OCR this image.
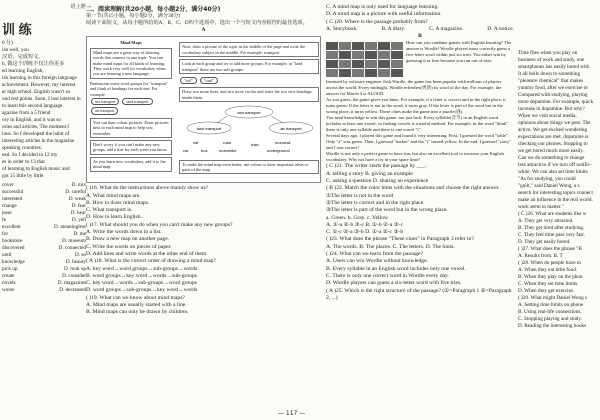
语上册
训 练
0 分)
ish well, you
汉语，完成短文。
h, 做这个训练不仅让你更多
ed learning English,
ish learning in this foreign language
achievement. However, my interest
er high school. English wasn't so
ood test points. Soon, I lost interest in
to learn this second language.
agazine from a 5 friend
ory in English, and it was so
ories and articles. The moment I
ious. So I developed the habit of
interesting articles in the magazine
speaking countries.
ead. So I decided to 12 my
es in order to 13 that
of learning to English music and
got 15 little by little.
cover	D. mix
successful	D. careful
interested	D. weak
change	D. fear
pose	D. hear
fe	D. yell
excellent	D. meaningless
for	D. me
bookstore	D. museum
discovered	D. connected
until	D. so
knowledge	D. beauty
pick up	D. look up
create	D. consider
novels	D. magazines
worse	D. decreased
二、阅读理解(共20小题，每小题2分，满分40分)
第一节(共15小题，每小题2分，满分30分)
阅读下面短文，从每小题所给的A、B、C、D四个选项中，选出一个与短文内容相符的最佳选项。
A
Mind Maps
Mind maps are a great way of drawing words that connect to one topic. You can make mind maps for all kinds of learning. They work very well for vocabulary when you are learning a new language.
Brainstorm some word groups for "transport" and think of headings for each one. For example:
sea transport	land transport air transport
You can then colour pictures. Draw pictures next to each mind map to help you remember.
Don't worry if you can't make any new groups, add a line for each word you know.
As you learn new vocabulary, add it to the mind map.
Next, draw a picture of the topic in the middle of the page and write the vocabulary subject in the middle. For example: transport
Look at each group and try to add more groups. For example, in "land transport" there are two sub-groups:
"rail"	"road"
Draw two more lines, and two more circles and write the two new headings inside them.
sea transport
land transport	air transport
rail	road
car	bus	motorbike
train
underground
monorail
To make the mind map even better, use colour to show important ideas or parts of the map.
( )16. What do the instructions above mainly show us?
A. What mind maps are.
B. How to draw mind maps.
C. What transport is.
D. How to learn English.
( )17. What should you do when you can't make any new groups?
A. Write the words down in a list.
B. Draw a new map on another page.
C. Write the words on pieces of paper.
D. Add lines and write words at the other end of them.
( A )18. What is the correct order of drawing a mind map?
A. key word→word groups→sub-groups→words
B. word groups→key word→words→sub-groups
C. key word→words→sub-groups→word groups
D. word groups→sub-groups→key word→words
( )19. What can we know about mind maps?
A. Mind maps are usually started with a line.
B. Mind maps can only be drawn by children.
C. A mind map is only used for language learning.
D. A mind map is a picture with useful information.
( C )20. Where is the passage probably from?
A. Storybook.	B. A diary.	C. A magazine.	D. A notice.
B
How can you combine games with English learning? The answer is Wordle! Wordle players must correctly guess a five-letter word within just six tries. You either win by guessing it or lose because you run out of tries.
Invented by software engineer Josh Wardle, the game has been popular with millions of players across the world. Every midnight, Wordle refreshes(更新) its word of the day. For example, the answer for March 3 is ALOUD.
As you guess, the game gives you hints. For example, if a letter is correct and in the right place, it turns green. If the letter is not in the word, it turns gray. If the letter is part of the word but in the wrong place, it turns yellow. These clues make the game into a puzzle(谜).
You need knowledge to win this game, not just luck. Every syllable(音节) in an English word includes at least one vowel, so finding vowels is a useful method. For example, in the word "think", there is only one syllable and there is one vowel "i".
Several days ago, I played this game and found it very interesting. First, I guessed the word "table". Only "a" was green. Then, I guessed "maker" and the "r" turned yellow. In the end, I guessed "carry" and I was correct!
Wordle is not only a perfect game to have fun, but also an excellent tool to increase your English vocabulary. Why not have a try in your spare time?
( C )21. The writer starts the passage by ___.
A. telling a story B. giving an example
C. asking a question D. sharing an experience
( B )22. Match the color hints with the situations and choose the right answer.
①The letter is not in the word
②The letter is correct and in the right place.
③The letter is part of the word but in the wrong place.
a. Green. b. Gray. c. Yellow.
A. ①-a ②-b ③-c B. ①-b ②-a ③-c
C. ①-c ②-a ③-b D. ①-a ②-c ③-b
( )23. What does the phrase "These clues" in Paragraph 3 refer to?
A. The words. B. The places. C. The letters. D. The hints.
( )24. What can we learn from the passage?
A. Users can win Wordle without knowledge.
B. Every syllable in an English word includes only one vowel.
C. There is only one correct word in Wordle every day.
D. Wordle players can guess a six-letter word with five tries.
( A )25. Which is the right structure of the passage? (①=Paragraph 1 ②=Paragraph 2, ...)
Time flies when you play on
business of work and study, one
smartphones has easily bored with
It all boils down to something
"pleasure chemical" that makes
yummy food, after we exercise or
Compared with studying, playing
more dopamine. For example, quick
increase in dopamine. But why?
When we visit social media,
opinions about things we post. The
active. We get excited wondering
expectations are met, dopamine is
checking our phones. Stopping to
we get bored much more easily.
Can we do something to change
less attractive if we turn off notific-
white. We can also set time limits
"As for studying, you could
"guilt," said Daniel Wong, a s
search for interesting topics connect
make an influence in the real world.
work seem to matter."
( C )26. What are students like w
A. They get very attracted.
B. They get tired after studying.
C. They feel time pass very fast.
D. They get easily bored.
( )27. What does the phrase "B
A. Results from. B. T
( )28. When do people have m
A. When they eat little food.
B. When they play on the phon
C. When they set time limits.
D. When they get exercise.
( )29. What might Daniel Wong s
A. Setting time limits on phone
B. Using real-life connections.
C. Stopping playing and study.
D. Reading the interesting books
— 117 —
